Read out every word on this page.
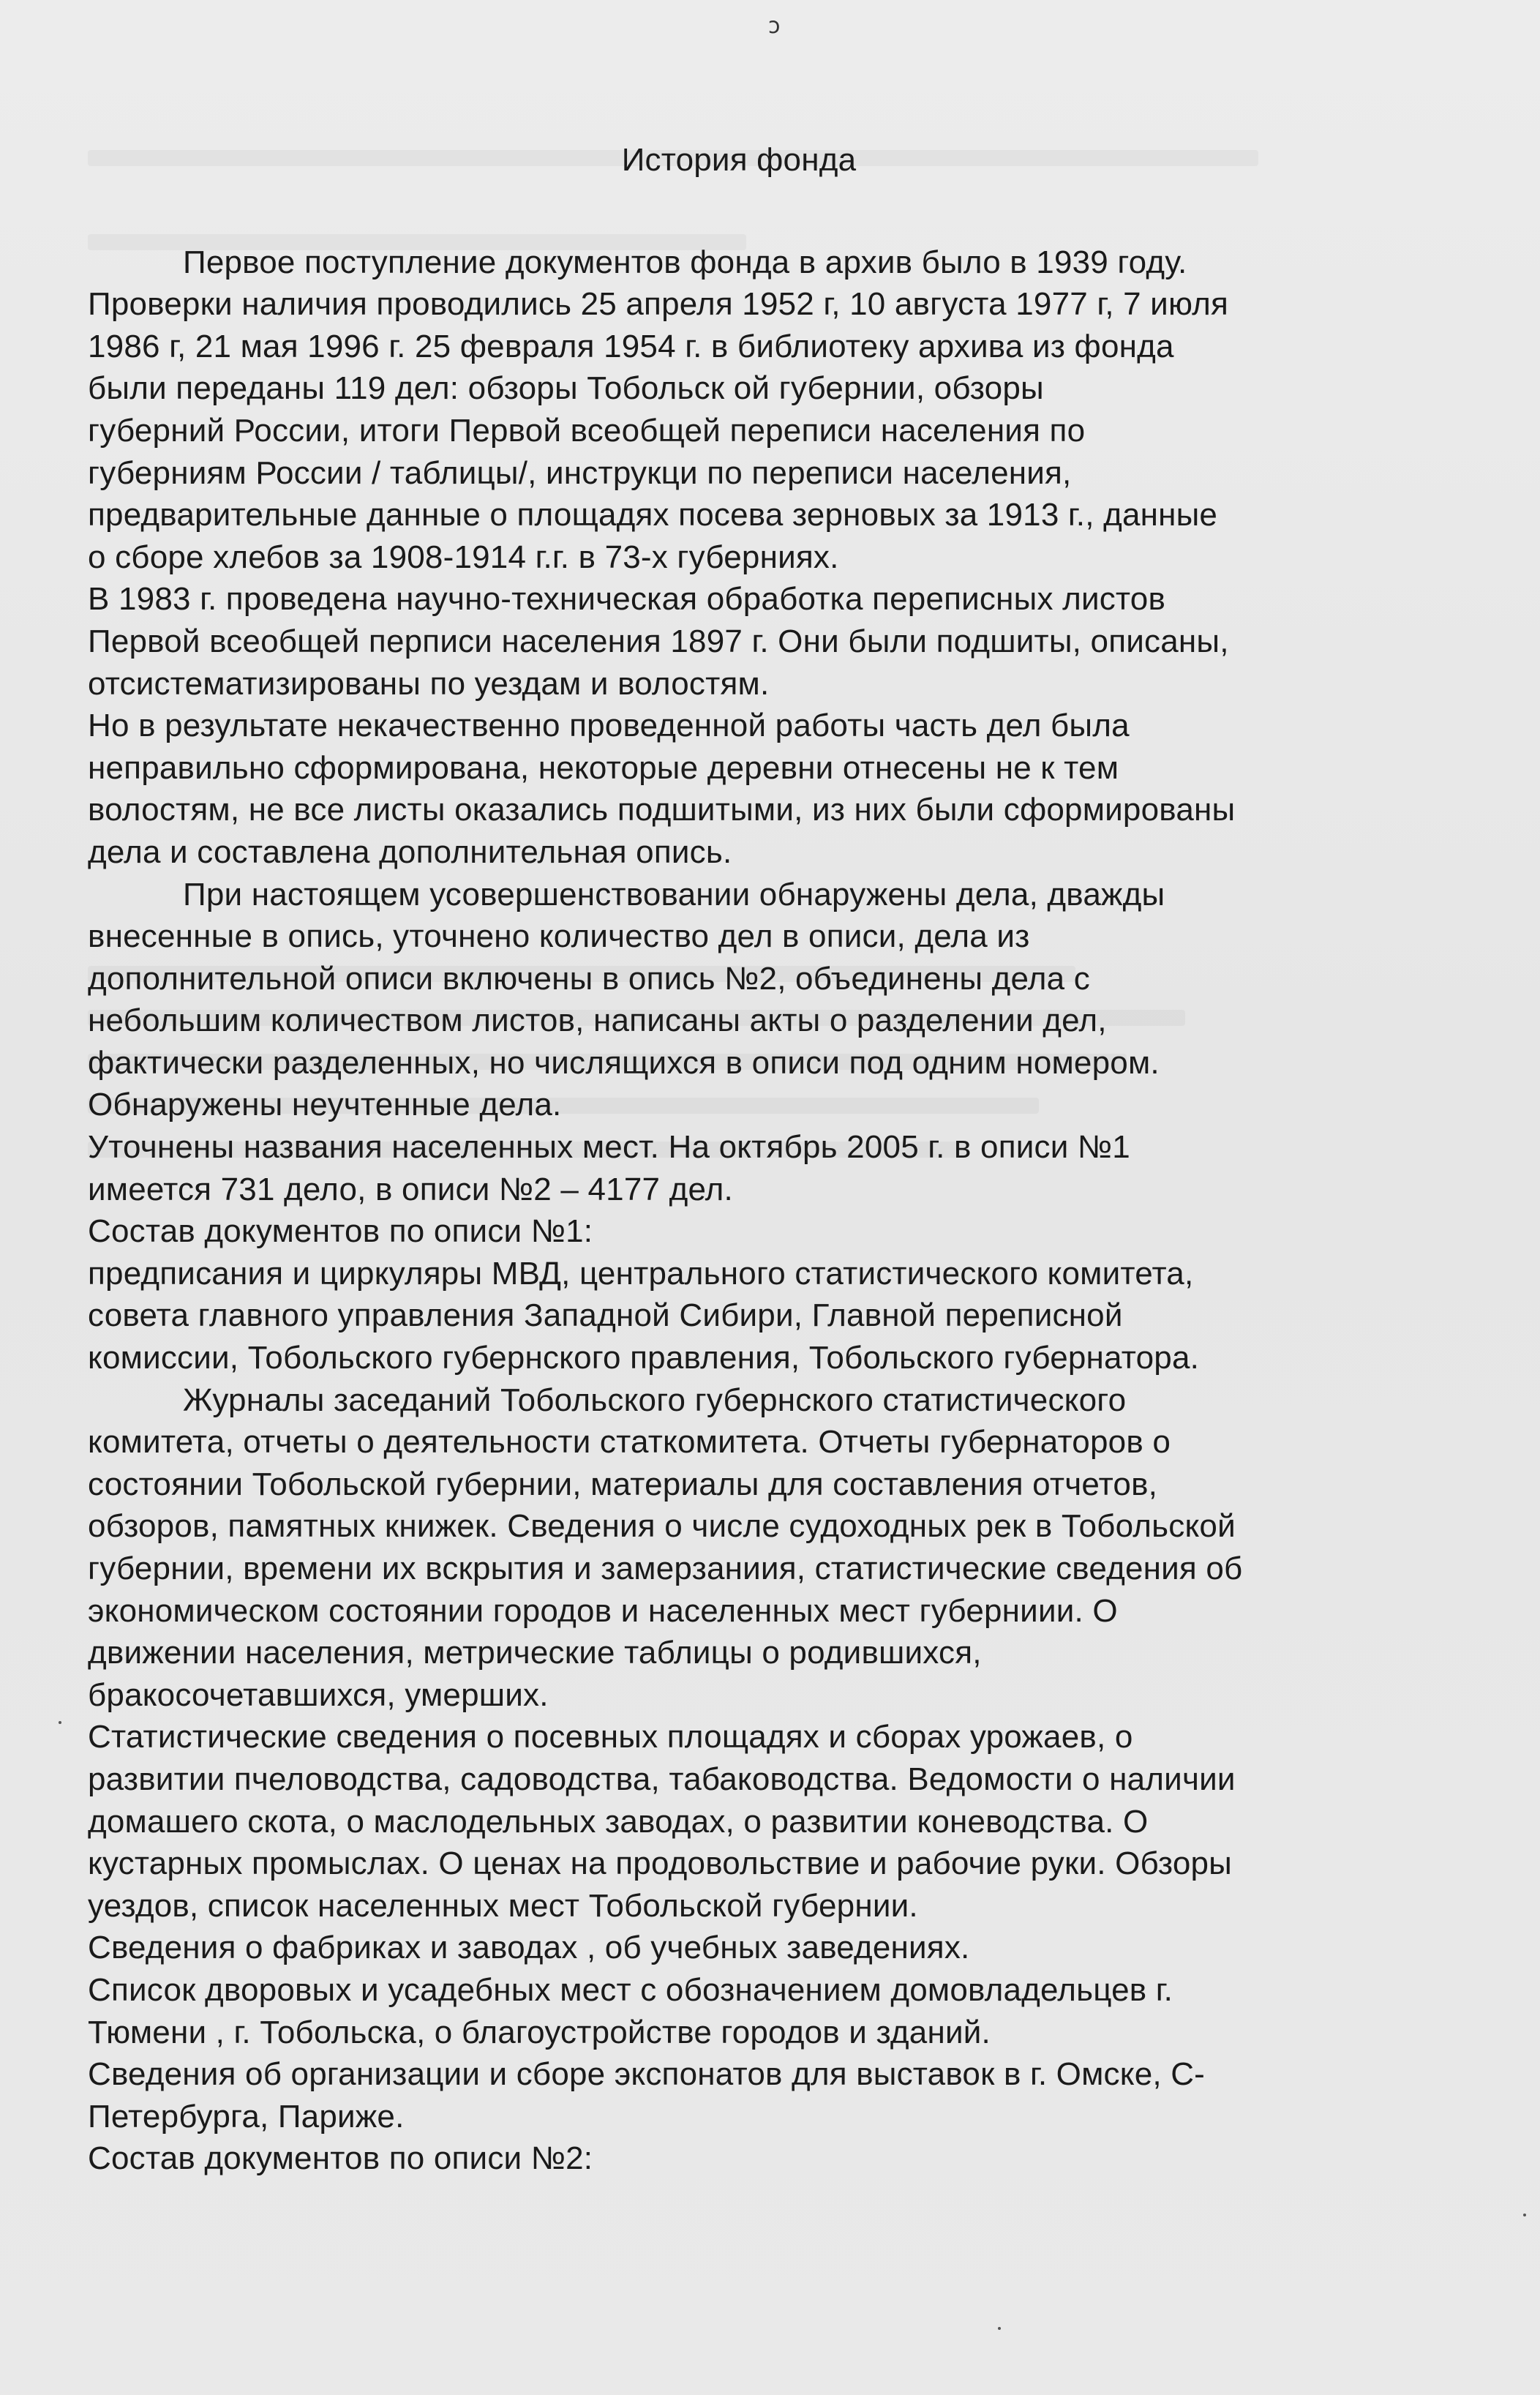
ᴐ
История фонда

Первое поступление документов фонда в архив было в 1939 году.
Проверки наличия проводились 25 апреля 1952 г, 10 августа 1977 г, 7 июля
1986 г, 21 мая 1996 г. 25 февраля 1954 г. в библиотеку архива из фонда
были переданы 119 дел: обзоры Тобольск ой губернии, обзоры
губерний России, итоги Первой всеобщей переписи населения по
губерниям России / таблицы/, инструкци по переписи населения,
предварительные данные о площадях посева зерновых за 1913 г., данные
о сборе хлебов за 1908-1914 г.г. в 73-х губерниях.

В 1983 г. проведена научно-техническая обработка переписных листов
Первой всеобщей перписи населения 1897 г. Они были подшиты, описаны,
отсистематизированы по уездам и волостям.

Но в результате некачественно проведенной работы часть дел была
неправильно сформирована, некоторые деревни отнесены не к тем
волостям, не все листы оказались подшитыми, из них были сформированы
дела и составлена дополнительная опись.

При настоящем усовершенствовании обнаружены дела, дважды
внесенные в опись, уточнено количество дел в описи, дела из
дополнительной описи включены в опись №2, объединены дела с
небольшим количеством листов, написаны акты о разделении дел,
фактически разделенных, но числящихся в описи под одним номером.
Обнаружены неучтенные дела.

Уточнены названия населенных мест. На октябрь 2005 г. в описи №1
имеется 731 дело, в описи №2 – 4177 дел.

Состав документов по описи №1:

предписания и циркуляры МВД, центрального статистического комитета,
совета главного управления Западной Сибири, Главной переписной
комиссии, Тобольского губернского правления, Тобольского губернатора.

Журналы заседаний Тобольского губернского статистического
комитета, отчеты о деятельности статкомитета. Отчеты губернаторов о
состоянии Тобольской губернии, материалы для составления отчетов,
обзоров, памятных книжек. Сведения о числе судоходных рек в Тобольской
губернии, времени их вскрытия и замерзаниия, статистические сведения об
экономическом состоянии городов и населенных мест губерниии. О
движении населения, метрические таблицы о родившихся,
бракосочетавшихся, умерших.

Статистические сведения о посевных площадях и сборах урожаев, о
развитии пчеловодства, садоводства, табаководства. Ведомости о наличии
домашего скота, о маслодельных заводах, о развитии коневодства. О
кустарных промыслах. О ценах на продовольствие и рабочие руки. Обзоры
уездов, список населенных мест Тобольской губернии.

Сведения о фабриках и заводах , об учебных заведениях.

Список дворовых и усадебных мест с обозначением домовладельцев г.
Тюмени , г. Тобольска, о благоустройстве городов и зданий.

Сведения об организации и сборе экспонатов для выставок в г. Омске, С-
Петербурга, Париже.

Состав документов по описи №2:
